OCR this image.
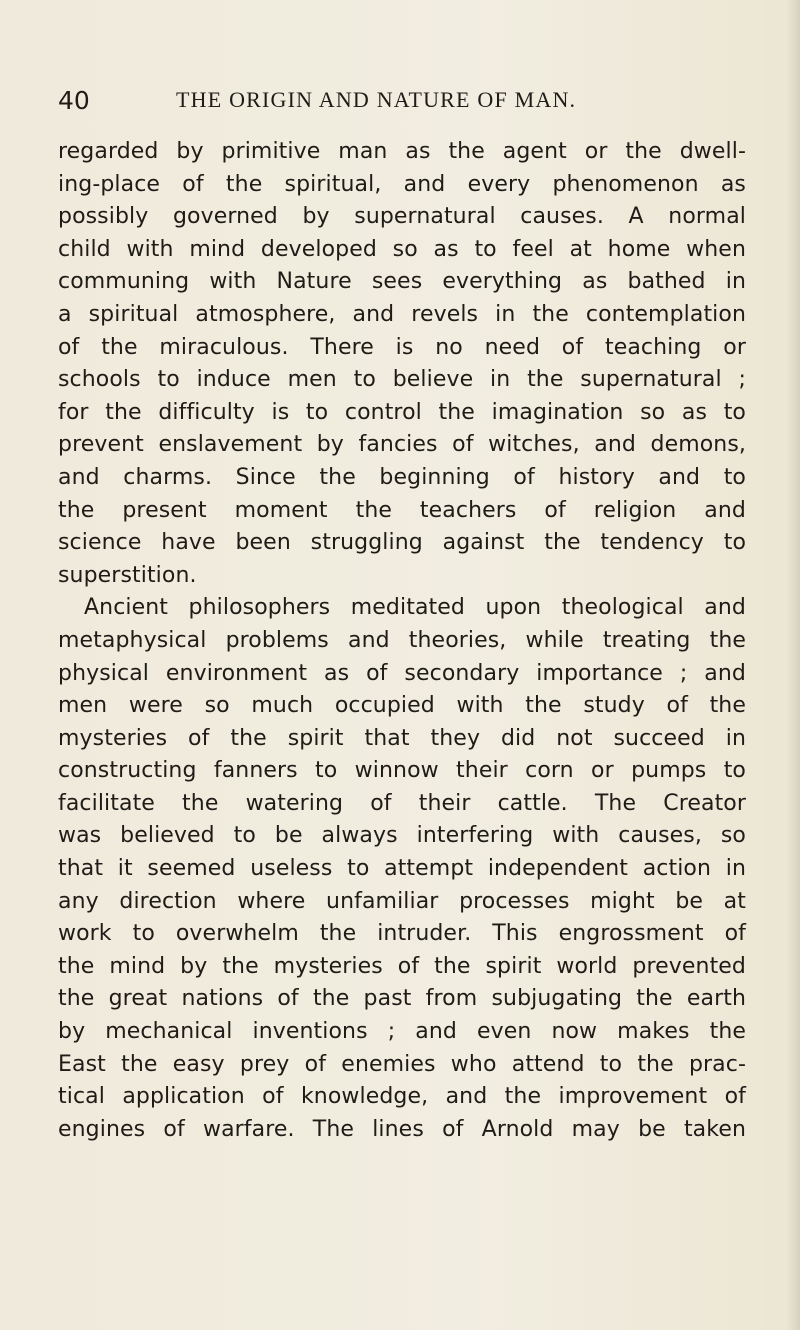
40	THE ORIGIN AND NATURE OF MAN.
regarded by primitive man as the agent or the dwell-
ing-place of the spiritual, and every phenomenon as
possibly governed by supernatural causes. A normal
child with mind developed so as to feel at home when
communing with Nature sees everything as bathed in
a spiritual atmosphere, and revels in the contemplation
of the miraculous. There is no need of teaching or
schools to induce men to believe in the supernatural ;
for the difficulty is to control the imagination so as to
prevent enslavement by fancies of witches, and demons,
and charms. Since the beginning of history and to
the present moment the teachers of religion and
science have been struggling against the tendency to
superstition.
Ancient philosophers meditated upon theological and
metaphysical problems and theories, while treating the
physical environment as of secondary importance ; and
men were so much occupied with the study of the
mysteries of the spirit that they did not succeed in
constructing fanners to winnow their corn or pumps to
facilitate the watering of their cattle. The Creator
was believed to be always interfering with causes, so
that it seemed useless to attempt independent action in
any direction where unfamiliar processes might be at
work to overwhelm the intruder. This engrossment of
the mind by the mysteries of the spirit world prevented
the great nations of the past from subjugating the earth
by mechanical inventions ; and even now makes the
East the easy prey of enemies who attend to the prac-
tical application of knowledge, and the improvement of
engines of warfare. The lines of Arnold may be taken
